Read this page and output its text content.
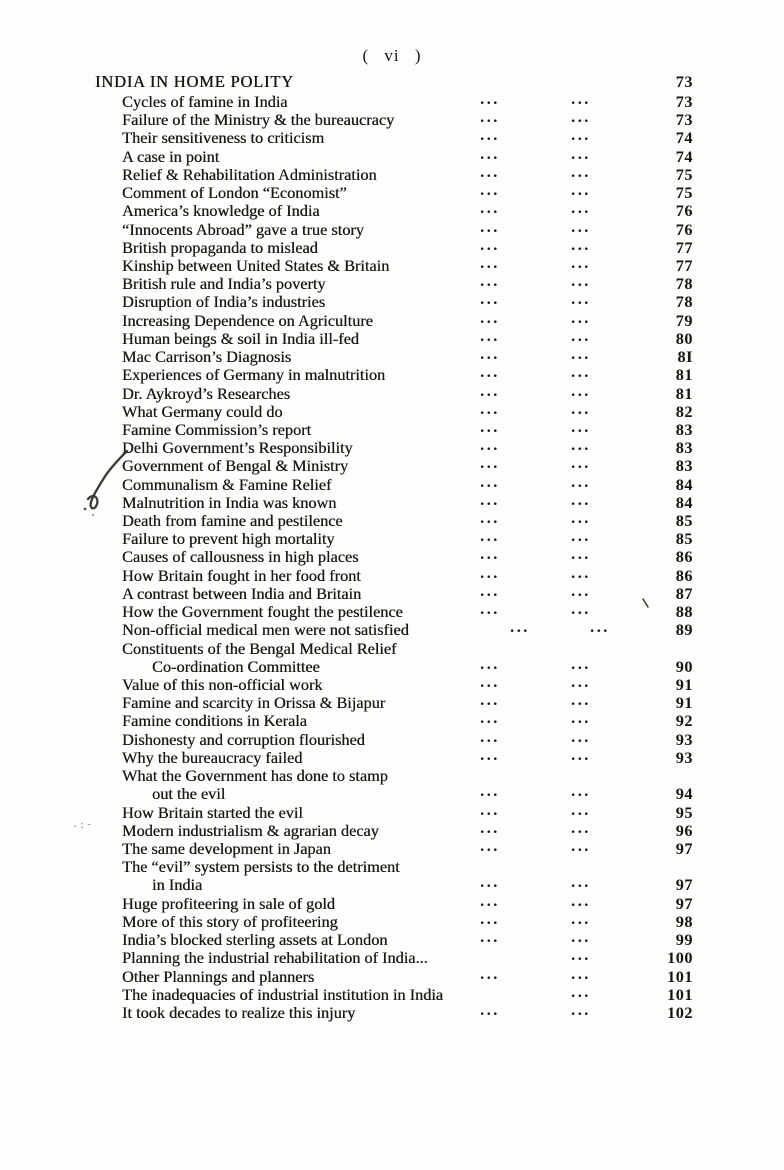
( vi )
INDIA IN HOME POLITY	73
Cycles of famine in India	...	...	73
Failure of the Ministry & the bureaucracy	...	...	73
Their sensitiveness to criticism	...	...	74
A case in point	...	...	74
Relief & Rehabilitation Administration	...	...	75
Comment of London “Economist”	...	...	75
America’s knowledge of India	...	...	76
“Innocents Abroad” gave a true story	...	...	76
British propaganda to mislead	...	...	77
Kinship between United States & Britain	...	...	77
British rule and India’s poverty	...	...	78
Disruption of India’s industries	...	...	78
Increasing Dependence on Agriculture	...	...	79
Human beings & soil in India ill-fed	...	...	80
Mac Carrison’s Diagnosis	...	...	8I
Experiences of Germany in malnutrition	...	...	81
Dr. Aykroyd’s Researches	...	...	81
What Germany could do	...	...	82
Famine Commission’s report	...	...	83
Delhi Government’s Responsibility	...	...	83
Government of Bengal & Ministry	...	...	83
Communalism & Famine Relief	...	...	84
Malnutrition in India was known	...	...	84
Death from famine and pestilence	...	...	85
Failure to prevent high mortality	...	...	85
Causes of callousness in high places	...	...	86
How Britain fought in her food front	...	...	86
A contrast between India and Britain	...	...	87
How the Government fought the pestilence	...	...	88
Non-official medical men were not satisfied	...	...	89
Constituents of the Bengal Medical Relief
Co-ordination Committee	...	...	90
Value of this non-official work	...	...	91
Famine and scarcity in Orissa & Bijapur	...	...	91
Famine conditions in Kerala	...	...	92
Dishonesty and corruption flourished	...	...	93
Why the bureaucracy failed	...	...	93
What the Government has done to stamp
out the evil	...	...	94
How Britain started the evil	...	...	95
Modern industrialism & agrarian decay	...	...	96
The same development in Japan	...	...	97
The “evil” system persists to the detriment
in India	...	...	97
Huge profiteering in sale of gold	...	...	97
More of this story of profiteering	...	...	98
India’s blocked sterling assets at London	...	...	99
Planning the industrial rehabilitation of India...	...	100
Other Plannings and planners	...	...	101
The inadequacies of industrial institution in India	...	101
It took decades to realize this injury	...	...	102
-:-
